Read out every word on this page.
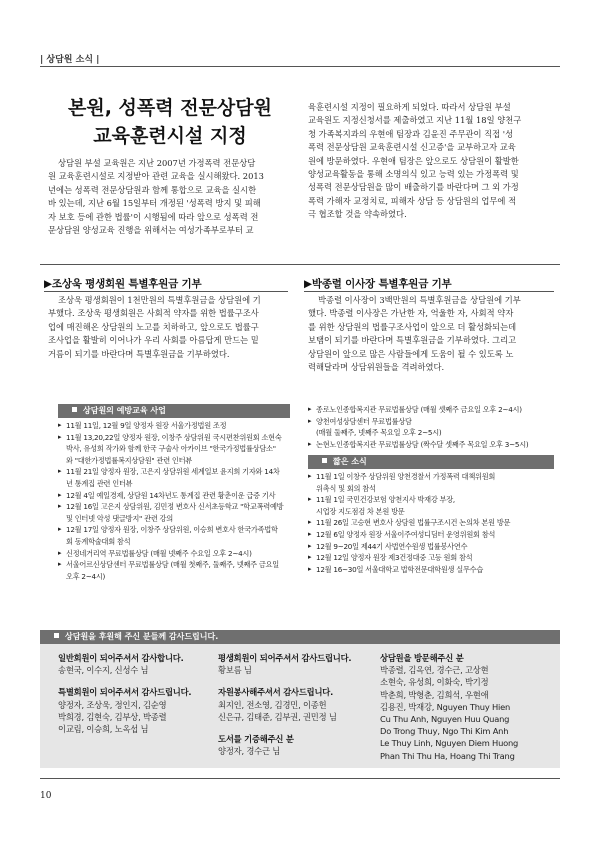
| 상담원 소식 |
본원, 성폭력 전문상담원
교육훈련시설 지정
상담원 부설 교육원은 지난 2007년 가정폭력 전문상담
원 교육훈련시설로 지정받아 관련 교육을 실시해왔다. 2013
년에는 성폭력 전문상담원과 함께 통합으로 교육을 실시한
바 있는데, 지난 6월 15일부터 개정된 '성폭력 방지 및 피해
자 보호 등에 관한 법률'이 시행됨에 따라 앞으로 성폭력 전
문상담원 양성교육 진행을 위해서는 여성가족부로부터 교
육훈련시설 지정이 필요하게 되었다. 따라서 상담원 부설
교육원도 지정신청서를 제출하였고 지난 11월 18일 양천구
청 가족복지과의 우현애 팀장과 김윤진 주무관이 직접 '성
폭력 전문상담원 교육훈련시설 신고증'을 교부하고자 교육
원에 방문하였다. 우현애 팀장은 앞으로도 상담원이 활발한
양성교육활동을 통해 소명의식 있고 능력 있는 가정폭력 및
성폭력 전문상담원을 많이 배출하기를 바란다며 그 외 가정
폭력 가해자 교정치료, 피해자 상담 등 상담원의 업무에 적
극 협조할 것을 약속하였다.
▶조상욱 평생회원 특별후원금 기부
조상욱 평생회원이 1천만원의 특별후원금을 상담원에 기
부했다. 조상욱 평생회원은 사회적 약자를 위한 법률구조사
업에 매진해온 상담원의 노고를 치하하고, 앞으로도 법률구
조사업을 활발히 이어나가 우리 사회를 아름답게 만드는 밑
거름이 되기를 바란다며 특별후원금을 기부하였다.
▶박종렬 이사장 특별후원금 기부
박종렬 이사장이 3백만원의 특별후원금을 상담원에 기부
했다. 박종렬 이사장은 가난한 자, 억울한 자, 사회적 약자
를 위한 상담원의 법률구조사업이 앞으로 더 활성화되는데
보탬이 되기를 바란다며 특별후원금을 기부하였다. 그리고
상담원이 앞으로 많은 사람들에게 도움이 될 수 있도록 노
력해달라며 상담위원들을 격려하였다.
상담원의 예방교육 사업
▸ 11월 11일, 12월 9일 양정자 원장 서울가정법원 조정
▸ 11월 13,20,22일 양정자 원장, 이창주 상담위원 국시편찬위원회 소현숙
박사, 유성희 작가와 함께 한국 구술사 아카이브 "한국가정법률상담소"
와 "대한가정법률복지상담원" 관련 인터뷰
▸ 11월 21일 양정자 원장, 고은지 상담위원 세계일보 윤지희 기자와 14차
년 통계집 관련 인터뷰
▸ 12월 4일 예일경제, 상담원 14차년도 통계집 관련 황춘이운 급증 기사
▸ 12월 16일 고은지 상담위원, 김민정 변호사 신서초등학교 "학교폭력예방
및 인터넷 악성 댓글방지" 관련 강의
▸ 12월 17일 양정자 원장, 이창주 상담위원, 이승희 변호사 한국가족법학
회 동계학술대회 참석
▸ 신정네거리역 무료법률상담 (매월 넷째주 수요일 오후 2~4시)
▸ 서울어르신상담센터 무료법률상담 (매월 첫째주, 둘째주, 넷째주 금요일
오후 2~4시)
▸ 종로노인종합복지관 무료법률상담 (매월 셋째주 금요일 오후 2~4시)
▸ 양천여성상담센터 무료법률상담
(매월 둘째주, 넷째주 목요일 오후 2~5시)
▸ 논현노인종합복지관 무료법률상담 (짝수달 셋째주 목요일 오후 3~5시)
짧은 소식
▸ 11월 1일 이창주 상담위원 양천경찰서 가정폭력 대책위원회
위촉식 및 회의 참석
▸ 11월 1일 국민건강보험 양천지사 박재강 부장,
시업장 지도점검 차 본원 방문
▸ 11월 26일 고승현 변호사 상담원 법률구조시건 논의차 본원 방문
▸ 12월 6일 양정자 원장 서울이주여성디딤터 운영위원회 참석
▸ 12월 9~20일 제44기 사법연수원생 법률봉사연수
▸ 12월 12일 양정자 원장 제3건정대중 고등 원회 참석
▸ 12월 16~30일 서울대학교 법학전문대학원생 실무수습
상담원을 후원해 주신 분들께 감사드립니다.
일반회원이 되어주셔서 감사합니다.
송현국, 이수지, 신성수 님
특별회원이 되어주셔서 감사드립니다.
양정자, 조상욱, 정인지, 김순영
박희경, 김현숙, 김부상, 박종렬
이교림, 이승희, 노옥섭 님
평생회원이 되어주셔서 감사드립니다.
황보름 님
자원봉사해주셔서 감사드립니다.
최지인, 전소영, 김경민, 이종헌
신은규, 김태준, 김부권, 권민정 님
도서를 기증해주신 분
양정자, 경수근 님
상담원을 방문해주신 분
박종렬, 김옥연, 경수근, 고상현
소현숙, 유성희, 이화숙, 박기정
박춘희, 박형춘, 김희석, 우현애
김용진, 박재강, Nguyen Thuy Hien
Cu Thu Anh, Nguyen Huu Quang
Do Trong Thuy, Ngo Thi Kim Anh
Le Thuy Linh, Nguyen Diem Huong
Phan Thi Thu Ha, Hoang Thi Trang
10
